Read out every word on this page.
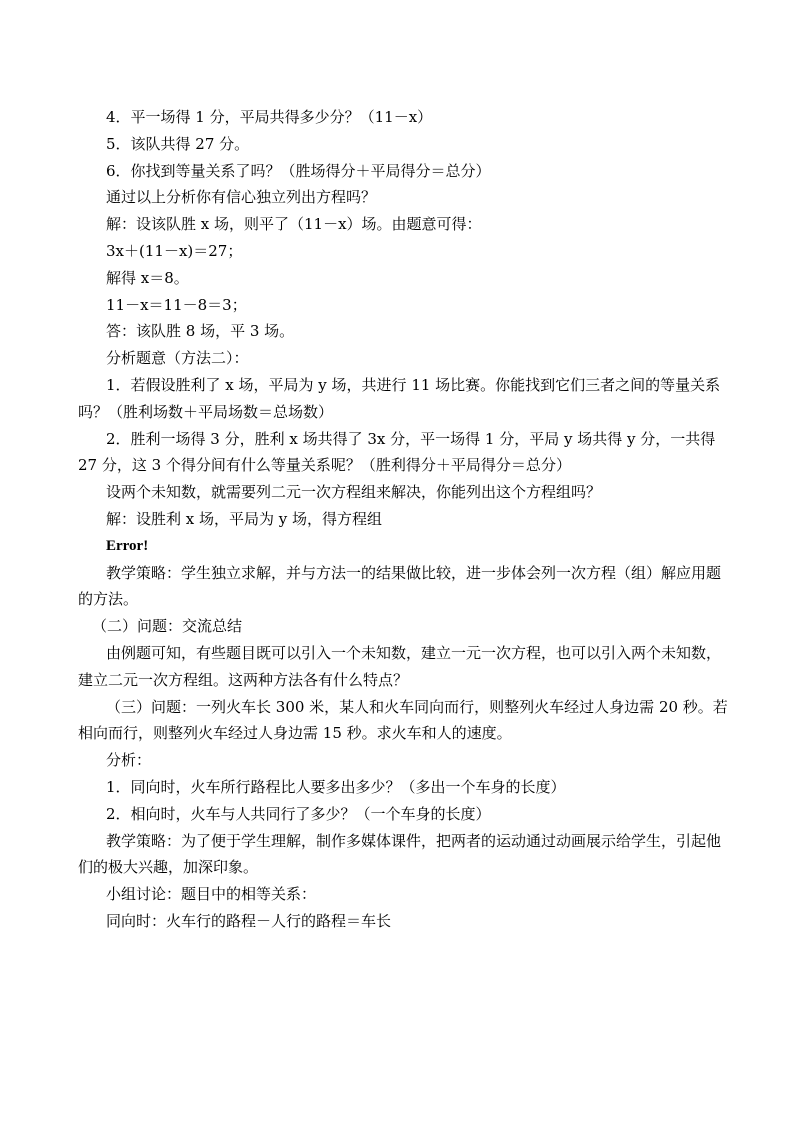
4．平一场得 1 分，平局共得多少分？（11－x）

5．该队共得 27 分。

6．你找到等量关系了吗？（胜场得分＋平局得分＝总分）

通过以上分析你有信心独立列出方程吗？

解：设该队胜 x 场，则平了（11－x）场。由题意可得：

3x＋(11－x)＝27；

解得 x＝8。

11－x＝11－8＝3；

答：该队胜 8 场，平 3 场。

分析题意（方法二）：

1．若假设胜利了 x 场，平局为 y 场，共进行 11 场比赛。你能找到它们三者之间的等量关系吗？（胜利场数＋平局场数＝总场数）

2．胜利一场得 3 分，胜利 x 场共得了 3x 分，平一场得 1 分，平局 y 场共得 y 分，一共得 27 分，这 3 个得分间有什么等量关系呢？（胜利得分＋平局得分＝总分）

设两个未知数，就需要列二元一次方程组来解决，你能列出这个方程组吗？

解：设胜利 x 场，平局为 y 场，得方程组

Error!

教学策略：学生独立求解，并与方法一的结果做比较，进一步体会列一次方程（组）解应用题的方法。

（二）问题：交流总结

由例题可知，有些题目既可以引入一个未知数，建立一元一次方程，也可以引入两个未知数，建立二元一次方程组。这两种方法各有什么特点？

（三）问题：一列火车长 300 米，某人和火车同向而行，则整列火车经过人身边需 20 秒。若相向而行，则整列火车经过人身边需 15 秒。求火车和人的速度。

分析：

1．同向时，火车所行路程比人要多出多少？（多出一个车身的长度）

2．相向时，火车与人共同行了多少？（一个车身的长度）

教学策略：为了便于学生理解，制作多媒体课件，把两者的运动通过动画展示给学生，引起他们的极大兴趣，加深印象。

小组讨论：题目中的相等关系：

同向时：火车行的路程－人行的路程＝车长
